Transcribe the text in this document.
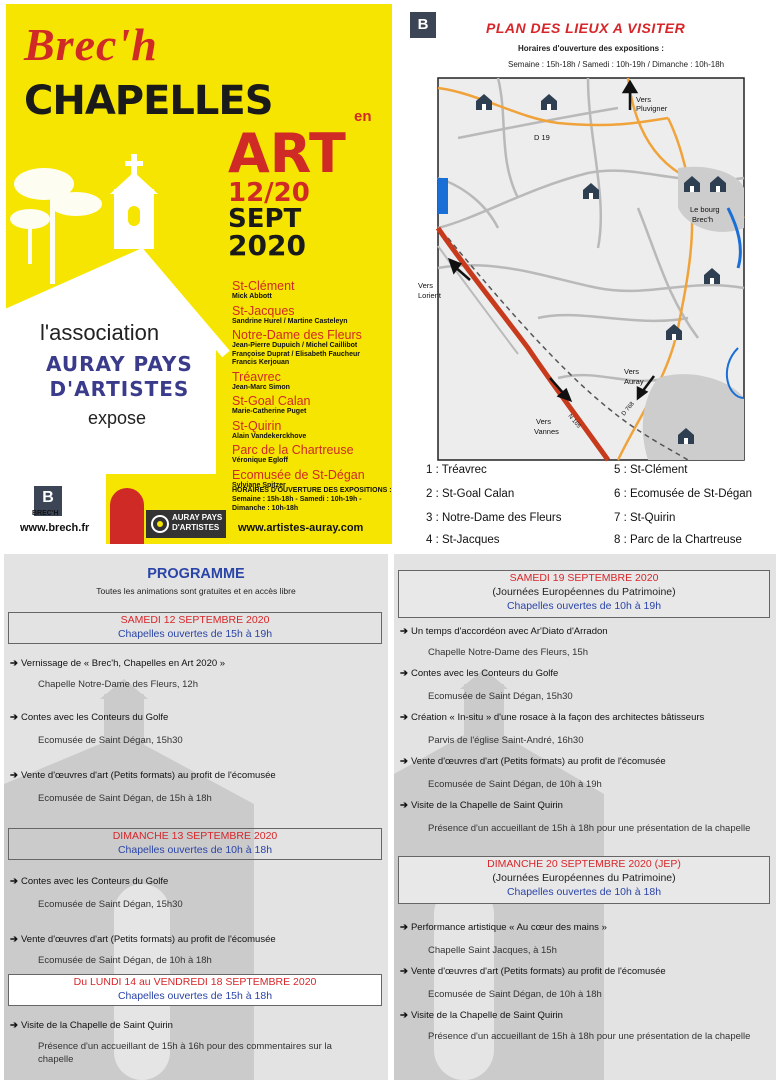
Brec'h
CHAPELLES	en
ART
12/20
SEPT
2020
l'association
AURAY PAYS
D'ARTISTES
expose
St-Clément
Mick Abbott
St-Jacques
Sandrine Hurel / Martine Casteleyn
Notre-Dame des Fleurs
Jean-Pierre Dupuich / Michel Caillibot
Françoise Duprat / Elisabeth Faucheur
Francis Kerjouan
Tréavrec
Jean-Marc Simon
St-Goal Calan
Marie-Catherine Puget
St-Quirin
Alain Vandekerckhove
Parc de la Chartreuse
Véronique Egloff
Ecomusée de St-Dégan
Sylviane Spitzer
HORAIRES D'OUVERTURE DES EXPOSITIONS :
Semaine : 15h-18h - Samedi : 10h-19h -
Dimanche : 10h-18h
B
BREC'H	AURAY PAYS
D'ARTISTES
www.brech.fr	www.artistes-auray.com
B	PLAN DES LIEUX A VISITER
Horaires d'ouverture des expositions :
Semaine : 15h-18h / Samedi : 10h-19h / Dimanche : 10h-18h
Vers
Pluvigner
D 19
Le bourg
Brec'h
Vers
Lorient
Vers
Auray
Vers
Vannes
N 165
D 768
1 : Tréavrec
2 : St-Goal Calan
3 : Notre-Dame des Fleurs
4 : St-Jacques
5 : St-Clément
6 : Ecomusée de St-Dégan
7 : St-Quirin
8 : Parc de la Chartreuse
PROGRAMME
Toutes les animations sont gratuites et en accès libre
SAMEDI 12 SEPTEMBRE 2020
Chapelles ouvertes de 15h à 19h
➔ Vernissage de « Brec'h, Chapelles en Art 2020 »
Chapelle Notre-Dame des Fleurs, 12h
➔ Contes avec les Conteurs du Golfe
Ecomusée de Saint Dégan, 15h30
➔ Vente d'œuvres d'art (Petits formats) au profit de l'écomusée
Ecomusée de Saint Dégan, de 15h à 18h
DIMANCHE 13 SEPTEMBRE 2020
Chapelles ouvertes de 10h à 18h
➔ Contes avec les Conteurs du Golfe
Ecomusée de Saint Dégan, 15h30
➔ Vente d'œuvres d'art (Petits formats) au profit de l'écomusée
Ecomusée de Saint Dégan, de 10h à 18h
Du LUNDI 14 au VENDREDI 18 SEPTEMBRE 2020
Chapelles ouvertes de 15h à 18h
➔ Visite de la Chapelle de Saint Quirin
Présence d'un accueillant de 15h à 16h pour des commentaires sur la chapelle
SAMEDI 19 SEPTEMBRE 2020
(Journées Européennes du Patrimoine)
Chapelles ouvertes de 10h à 19h
➔ Un temps d'accordéon avec Ar'Diato d'Arradon
Chapelle Notre-Dame des Fleurs, 15h
➔ Contes avec les Conteurs du Golfe
Ecomusée de Saint Dégan, 15h30
➔ Création « In-situ » d'une rosace à la façon des architectes bâtisseurs
Parvis de l'église Saint-André, 16h30
➔ Vente d'œuvres d'art (Petits formats) au profit de l'écomusée
Ecomusée de Saint Dégan, de 10h à 19h
➔ Visite de la Chapelle de Saint Quirin
Présence d'un accueillant de 15h à 18h pour une présentation de la chapelle
DIMANCHE 20 SEPTEMBRE 2020 (JEP)
(Journées Européennes du Patrimoine)
Chapelles ouvertes de 10h à 18h
➔ Performance artistique « Au cœur des mains »
Chapelle Saint Jacques, à 15h
➔ Vente d'œuvres d'art (Petits formats) au profit de l'écomusée
Ecomusée de Saint Dégan, de 10h à 18h
➔ Visite de la Chapelle de Saint Quirin
Présence d'un accueillant de 15h à 18h pour une présentation de la chapelle
